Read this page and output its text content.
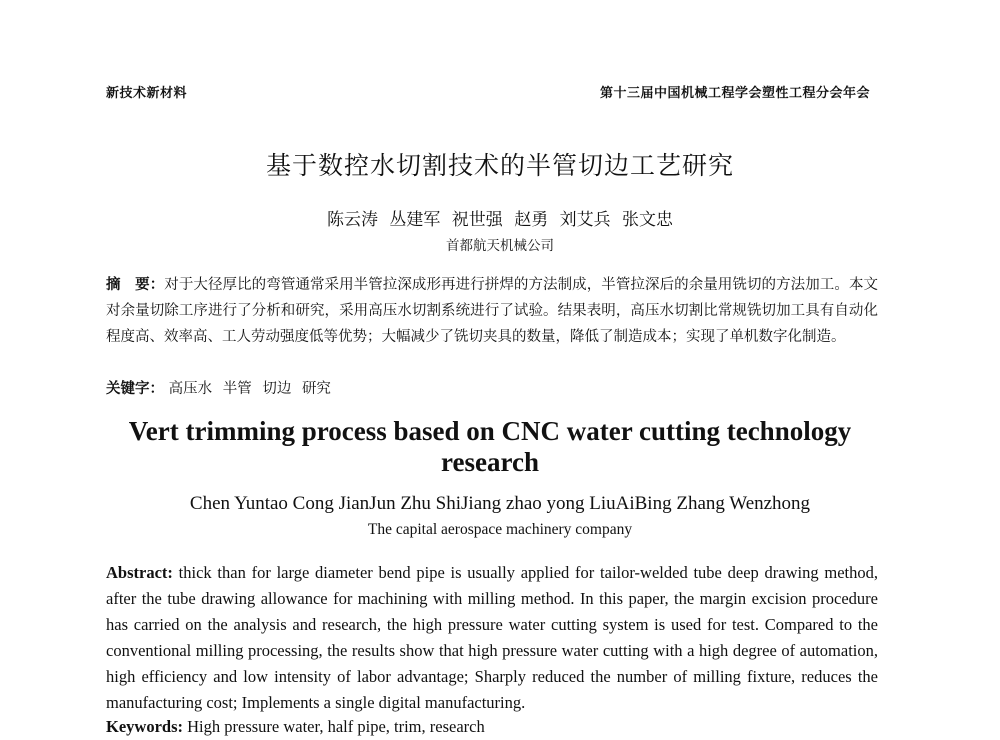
新技术新材料	第十三届中国机械工程学会塑性工程分会年会
基于数控水切割技术的半管切边工艺研究
陈云涛 丛建军 祝世强 赵勇 刘艾兵 张文忠
首都航天机械公司
摘　要：对于大径厚比的弯管通常采用半管拉深成形再进行拼焊的方法制成，半管拉深后的余量用铣切的方法加工。本文对余量切除工序进行了分析和研究，采用高压水切割系统进行了试验。结果表明，高压水切割比常规铣切加工具有自动化程度高、效率高、工人劳动强度低等优势；大幅减少了铣切夹具的数量，降低了制造成本；实现了单机数字化制造。
关键字： 高压水 半管 切边 研究
Vert trimming process based on CNC water cutting technology research
Chen Yuntao Cong JianJun Zhu ShiJiang zhao yong LiuAiBing Zhang Wenzhong
The capital aerospace machinery company
Abstract: thick than for large diameter bend pipe is usually applied for tailor-welded tube deep drawing method, after the tube drawing allowance for machining with milling method. In this paper, the margin excision procedure has carried on the analysis and research, the high pressure water cutting system is used for test. Compared to the conventional milling processing, the results show that high pressure water cutting with a high degree of automation, high efficiency and low intensity of labor advantage; Sharply reduced the number of milling fixture, reduces the manufacturing cost; Implements a single digital manufacturing.
Keywords: High pressure water, half pipe, trim, research
